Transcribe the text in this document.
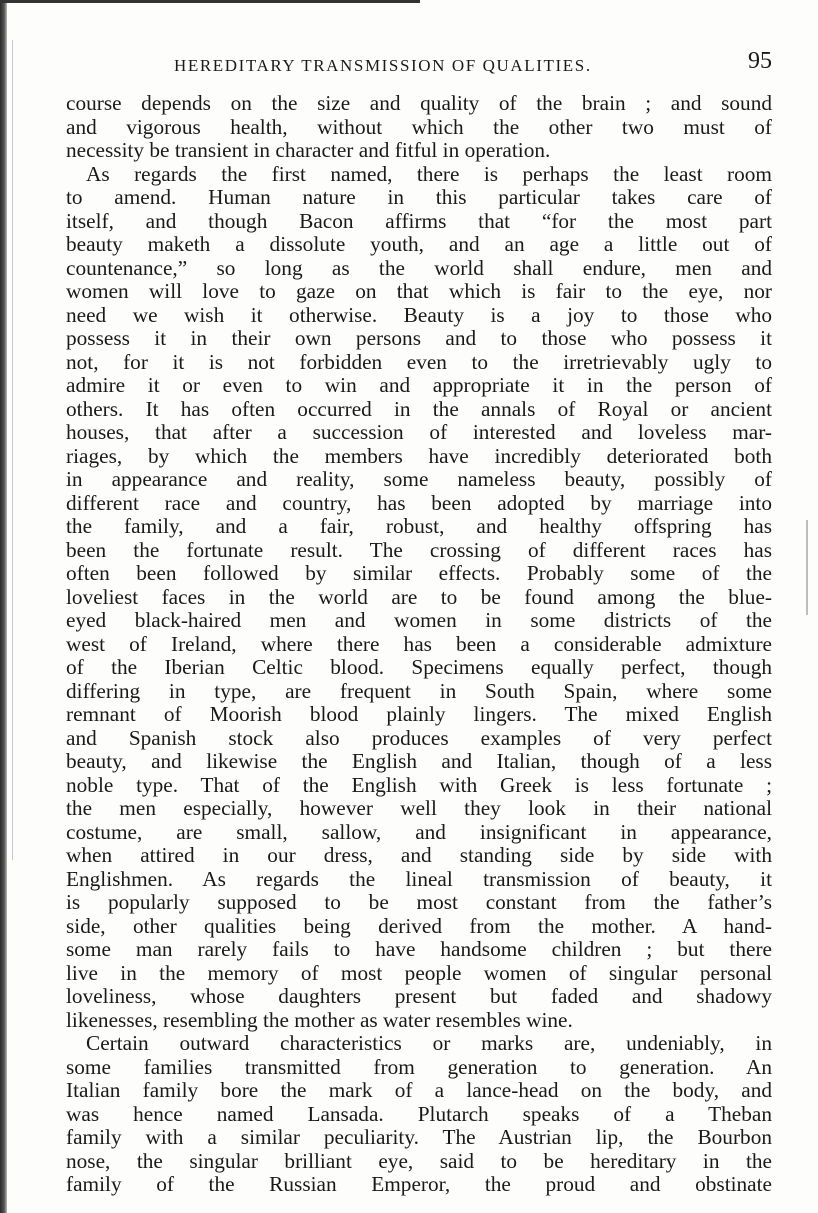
HEREDITARY TRANSMISSION OF QUALITIES.	95
course depends on the size and quality of the brain ; and sound
and vigorous health, without which the other two must of
necessity be transient in character and fitful in operation.
As regards the first named, there is perhaps the least room
to amend. Human nature in this particular takes care of
itself, and though Bacon affirms that “for the most part
beauty maketh a dissolute youth, and an age a little out of
countenance,” so long as the world shall endure, men and
women will love to gaze on that which is fair to the eye, nor
need we wish it otherwise. Beauty is a joy to those who
possess it in their own persons and to those who possess it
not, for it is not forbidden even to the irretrievably ugly to
admire it or even to win and appropriate it in the person of
others. It has often occurred in the annals of Royal or ancient
houses, that after a succession of interested and loveless mar-
riages, by which the members have incredibly deteriorated both
in appearance and reality, some nameless beauty, possibly of
different race and country, has been adopted by marriage into
the family, and a fair, robust, and healthy offspring has
been the fortunate result. The crossing of different races has
often been followed by similar effects. Probably some of the
loveliest faces in the world are to be found among the blue-
eyed black-haired men and women in some districts of the
west of Ireland, where there has been a considerable admixture
of the Iberian Celtic blood. Specimens equally perfect, though
differing in type, are frequent in South Spain, where some
remnant of Moorish blood plainly lingers. The mixed English
and Spanish stock also produces examples of very perfect
beauty, and likewise the English and Italian, though of a less
noble type. That of the English with Greek is less fortunate ;
the men especially, however well they look in their national
costume, are small, sallow, and insignificant in appearance,
when attired in our dress, and standing side by side with
Englishmen. As regards the lineal transmission of beauty, it
is popularly supposed to be most constant from the father’s
side, other qualities being derived from the mother. A hand-
some man rarely fails to have handsome children ; but there
live in the memory of most people women of singular personal
loveliness, whose daughters present but faded and shadowy
likenesses, resembling the mother as water resembles wine.
Certain outward characteristics or marks are, undeniably, in
some families transmitted from generation to generation. An
Italian family bore the mark of a lance-head on the body, and
was hence named Lansada. Plutarch speaks of a Theban
family with a similar peculiarity. The Austrian lip, the Bourbon
nose, the singular brilliant eye, said to be hereditary in the
family of the Russian Emperor, the proud and obstinate
